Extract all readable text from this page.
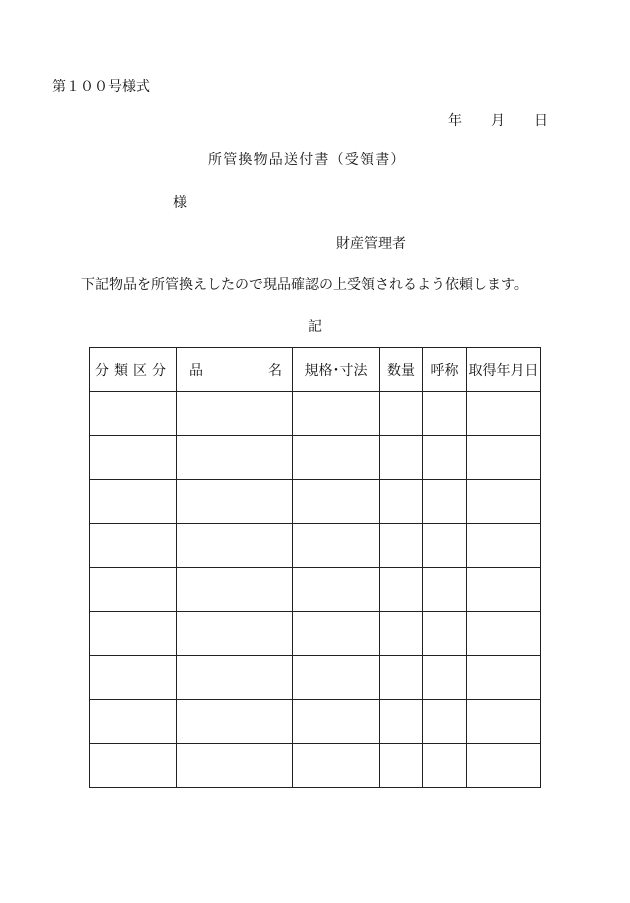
第１００号様式
年 月 日
所管換物品送付書（受領書）
様
財産管理者
下記物品を所管換えしたので現品確認の上受領されるよう依頼します。
記
分類区分	品 名	規格･寸法	数量	呼称	取得年月日
